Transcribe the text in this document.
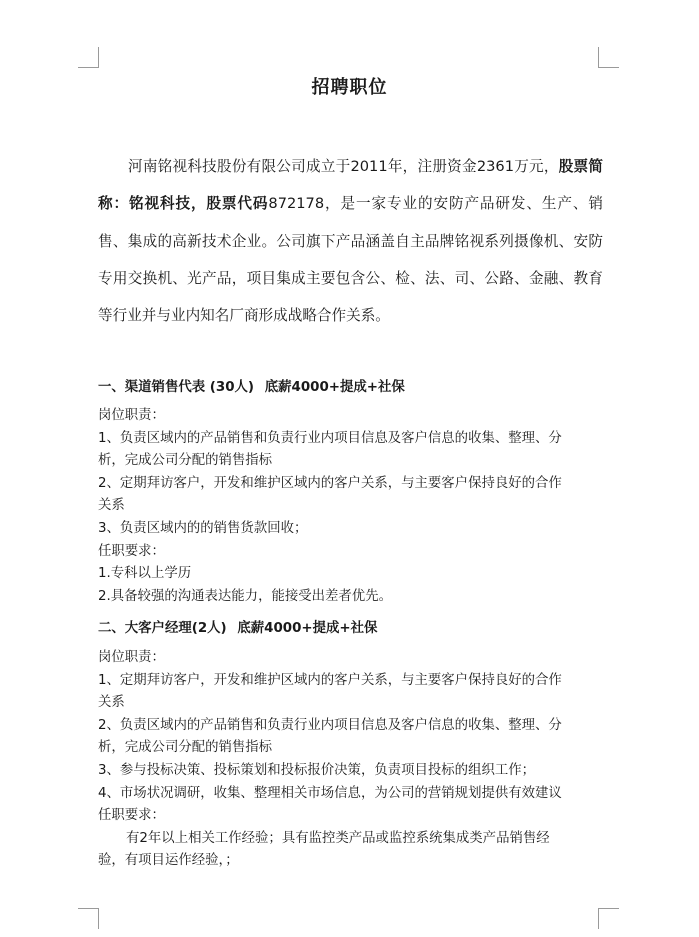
招聘职位

河南铭视科技股份有限公司成立于2011年，注册资金2361万元，股票简称：铭视科技，股票代码872178，是一家专业的安防产品研发、生产、销售、集成的高新技术企业。公司旗下产品涵盖自主品牌铭视系列摄像机、安防专用交换机、光产品，项目集成主要包含公、检、法、司、公路、金融、教育等行业并与业内知名厂商形成战略合作关系。

一、渠道销售代表 (30人) 底薪4000+提成+社保
岗位职责：
1、负责区域内的产品销售和负责行业内项目信息及客户信息的收集、整理、分
析，完成公司分配的销售指标
2、定期拜访客户，开发和维护区域内的客户关系，与主要客户保持良好的合作
关系
3、负责区域内的的销售货款回收；
任职要求：
1.专科以上学历
2.具备较强的沟通表达能力，能接受出差者优先。
二、大客户经理(2人) 底薪4000+提成+社保
岗位职责：
1、定期拜访客户，开发和维护区域内的客户关系，与主要客户保持良好的合作
关系
2、负责区域内的产品销售和负责行业内项目信息及客户信息的收集、整理、分
析，完成公司分配的销售指标
3、参与投标决策、投标策划和投标报价决策，负责项目投标的组织工作；
4、市场状况调研，收集、整理相关市场信息，为公司的营销规划提供有效建议
任职要求：
有2年以上相关工作经验；具有监控类产品或监控系统集成类产品销售经
验，有项目运作经验，；
